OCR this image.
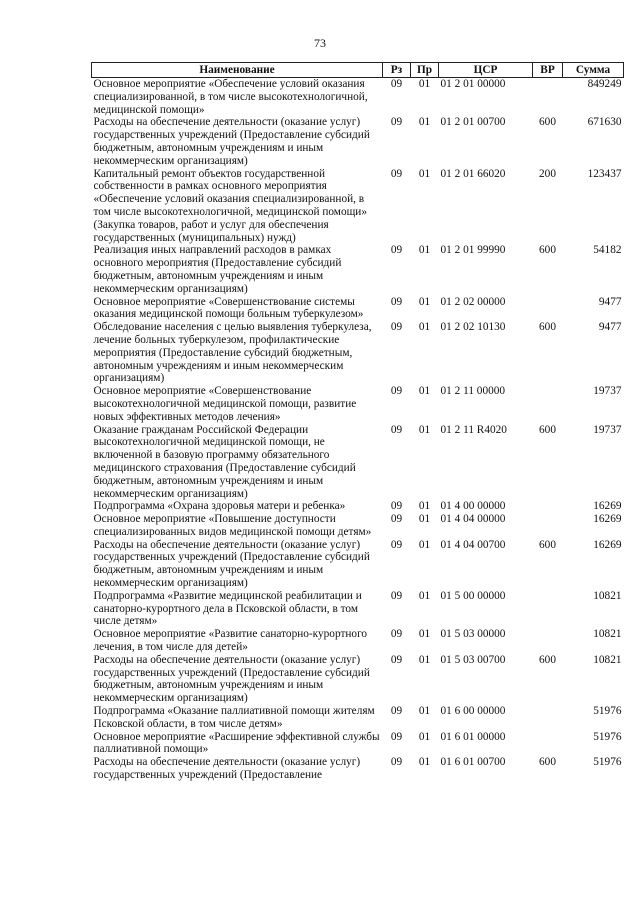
73
Наименование	Рз	Пр	ЦСР	ВР	Сумма
Основное мероприятие «Обеспечение условий оказания специализированной, в том числе высокотехнологичной, медицинской помощи»	09	01	01 2 01 00000		849249
Расходы на обеспечение деятельности (оказание услуг) государственных учреждений (Предоставление субсидий бюджетным, автономным учреждениям и иным некоммерческим организациям)	09	01	01 2 01 00700	600	671630
Капитальный ремонт объектов государственной собственности в рамках основного мероприятия «Обеспечение условий оказания специализированной, в том числе высокотехнологичной, медицинской помощи» (Закупка товаров, работ и услуг для обеспечения государственных (муниципальных) нужд)	09	01	01 2 01 66020	200	123437
Реализация иных направлений расходов в рамках основного мероприятия (Предоставление субсидий бюджетным, автономным учреждениям и иным некоммерческим организациям)	09	01	01 2 01 99990	600	54182
Основное мероприятие «Совершенствование системы оказания медицинской помощи больным туберкулезом»	09	01	01 2 02 00000		9477
Обследование населения с целью выявления туберкулеза, лечение больных туберкулезом, профилактические мероприятия (Предоставление субсидий бюджетным, автономным учреждениям и иным некоммерческим организациям)	09	01	01 2 02 10130	600	9477
Основное мероприятие «Совершенствование высокотехнологичной медицинской помощи, развитие новых эффективных методов лечения»	09	01	01 2 11 00000		19737
Оказание гражданам Российской Федерации высокотехнологичной медицинской помощи, не включенной в базовую программу обязательного медицинского страхования (Предоставление субсидий бюджетным, автономным учреждениям и иным некоммерческим организациям)	09	01	01 2 11 R4020	600	19737
Подпрограмма «Охрана здоровья матери и ребенка»	09	01	01 4 00 00000		16269
Основное мероприятие «Повышение доступности специализированных видов медицинской помощи детям»	09	01	01 4 04 00000		16269
Расходы на обеспечение деятельности (оказание услуг) государственных учреждений (Предоставление субсидий бюджетным, автономным учреждениям и иным некоммерческим организациям)	09	01	01 4 04 00700	600	16269
Подпрограмма «Развитие медицинской реабилитации и санаторно-курортного дела в Псковской области, в том числе детям»	09	01	01 5 00 00000		10821
Основное мероприятие «Развитие санаторно-курортного лечения, в том числе для детей»	09	01	01 5 03 00000		10821
Расходы на обеспечение деятельности (оказание услуг) государственных учреждений (Предоставление субсидий бюджетным, автономным учреждениям и иным некоммерческим организациям)	09	01	01 5 03 00700	600	10821
Подпрограмма «Оказание паллиативной помощи жителям Псковской области, в том числе детям»	09	01	01 6 00 00000		51976
Основное мероприятие «Расширение эффективной службы паллиативной помощи»	09	01	01 6 01 00000		51976
Расходы на обеспечение деятельности (оказание услуг) государственных учреждений (Предоставление	09	01	01 6 01 00700	600	51976
